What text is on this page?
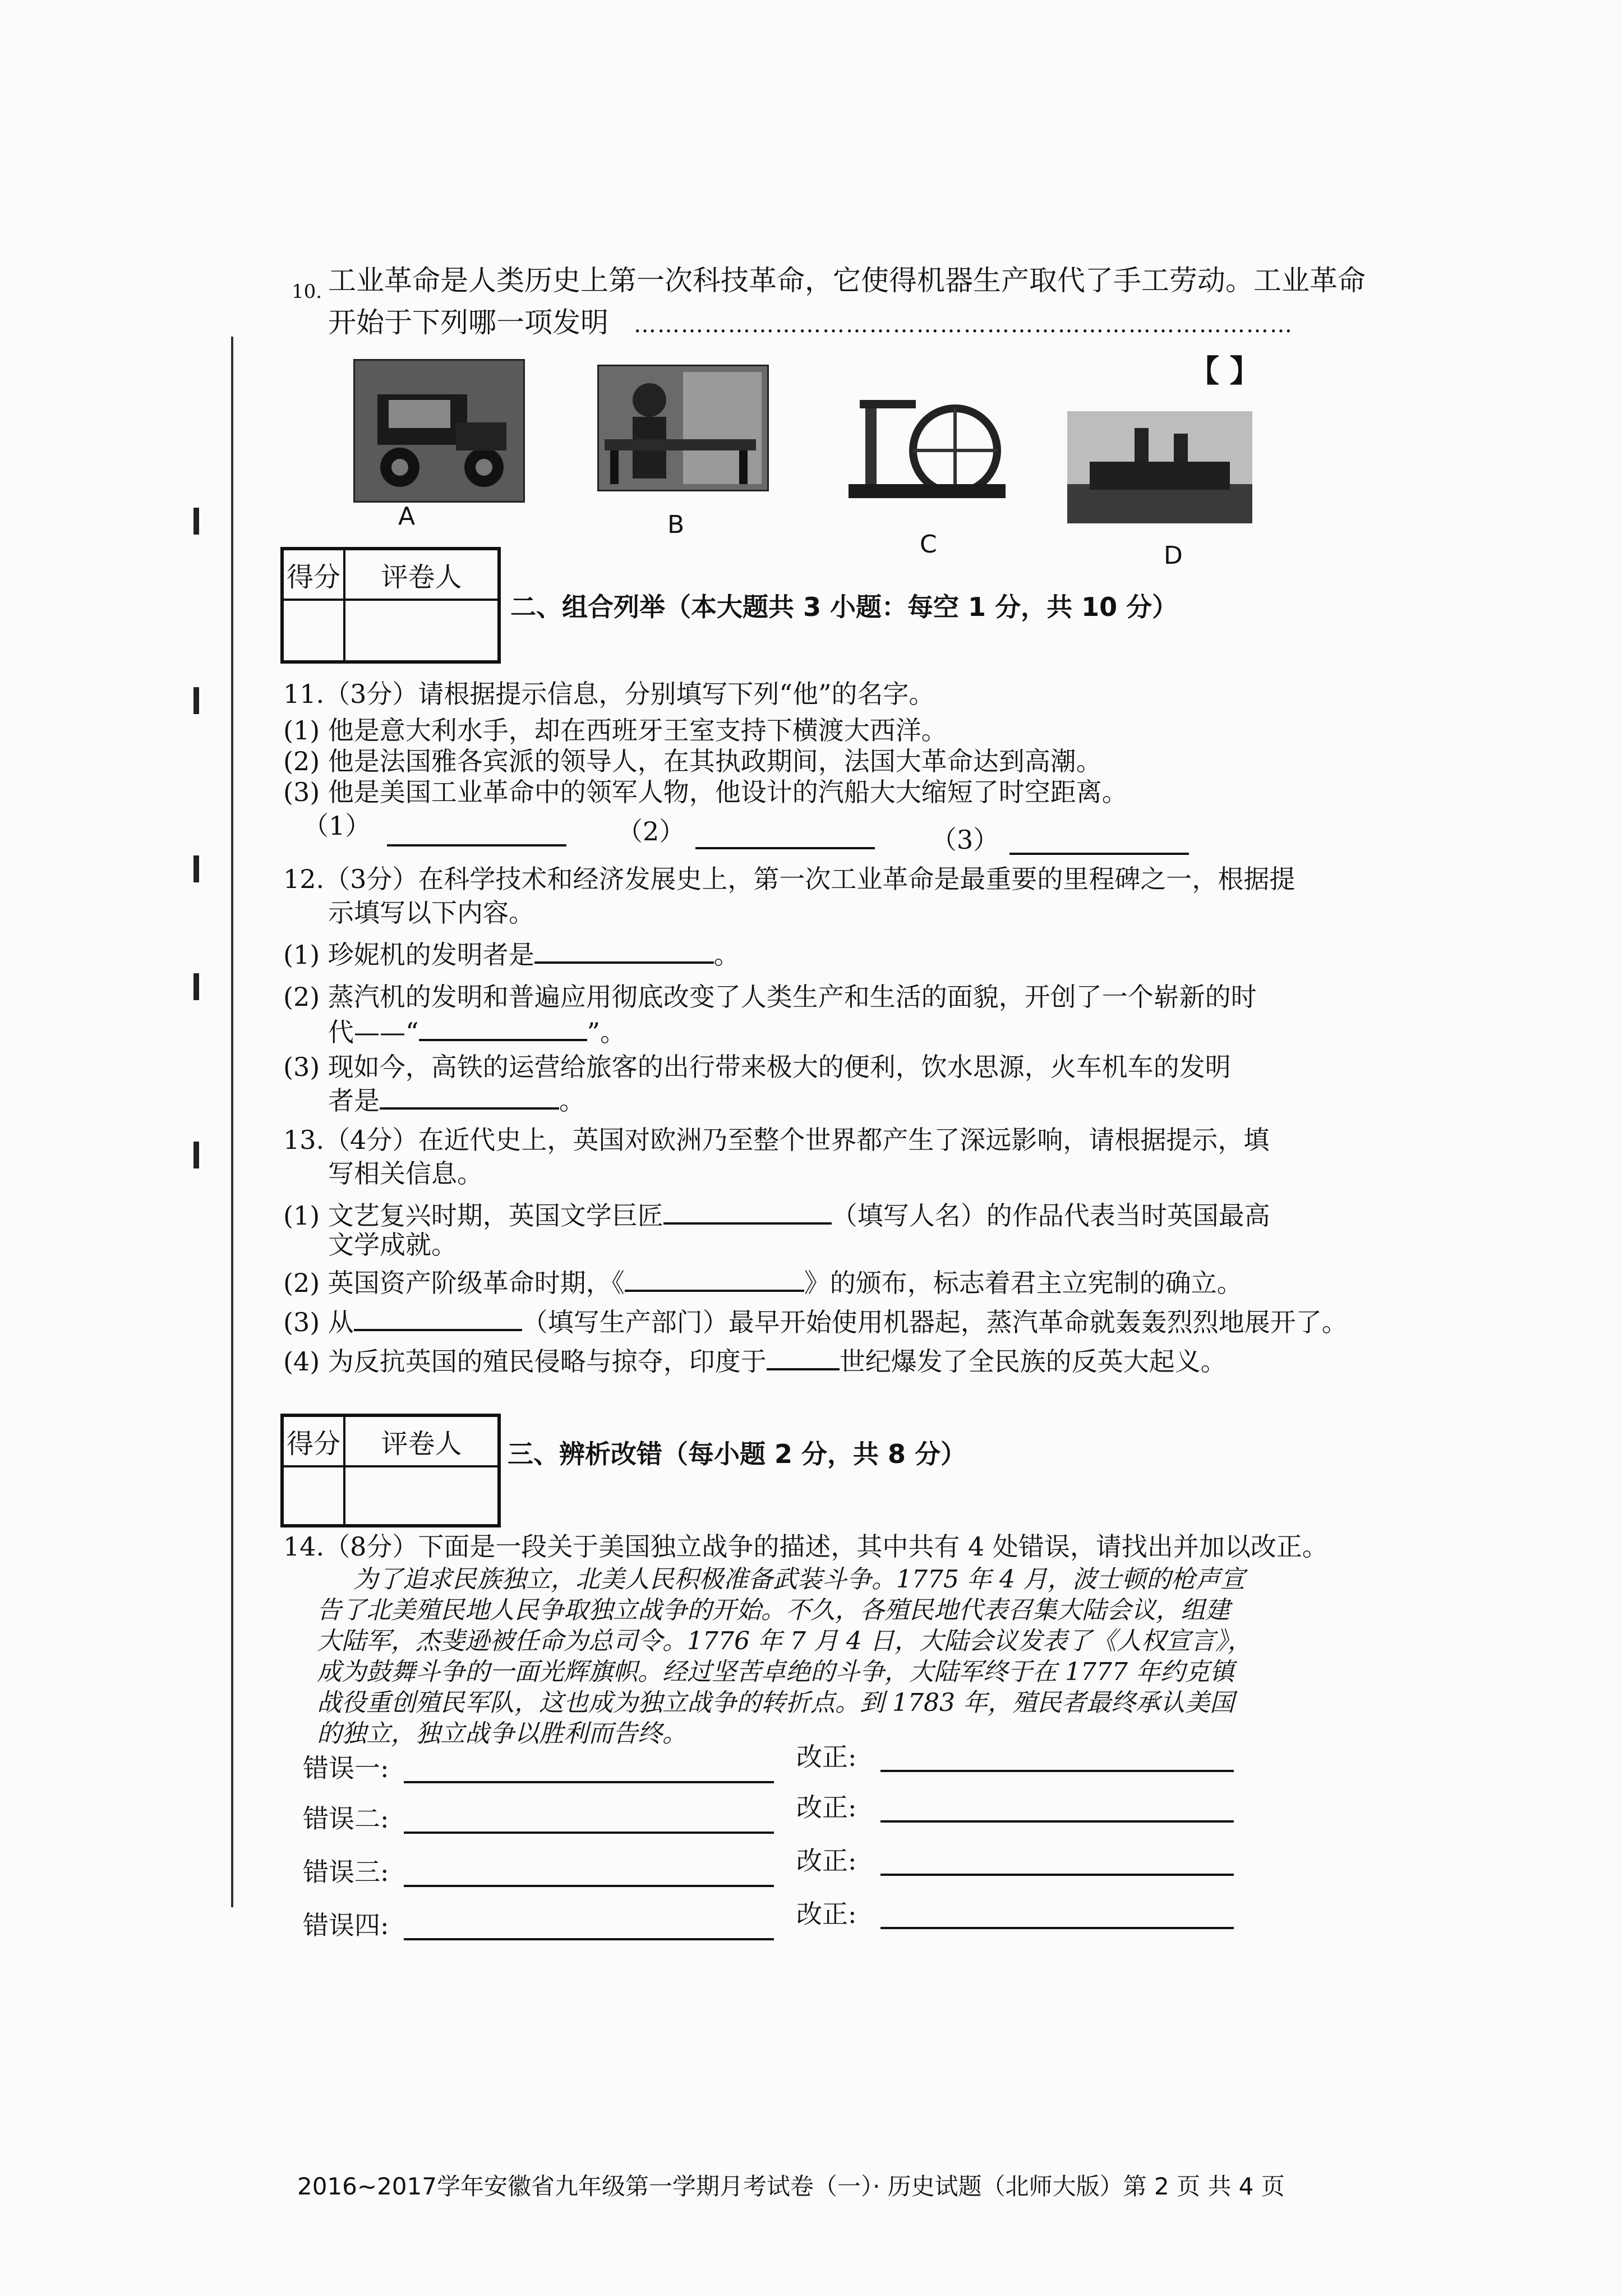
10. 工业革命是人类历史上第一次科技革命，它使得机器生产取代了手工劳动。工业革命
开始于下列哪一项发明 …………………………………………………………………………
【 】
A	B
C	D
得分	评卷人
二、组合列举（本大题共 3 小题：每空 1 分，共 10 分）
11.（3分）请根据提示信息，分别填写下列“他”的名字。
(1) 他是意大利水手，却在西班牙王室支持下横渡大西洋。
(2) 他是法国雅各宾派的领导人，在其执政期间，法国大革命达到高潮。
(3) 他是美国工业革命中的领军人物，他设计的汽船大大缩短了时空距离。
（1）	（2）	（3）
12.（3分）在科学技术和经济发展史上，第一次工业革命是最重要的里程碑之一，根据提
示填写以下内容。
(1) 珍妮机的发明者是	。
(2) 蒸汽机的发明和普遍应用彻底改变了人类生产和生活的面貌，开创了一个崭新的时
代——“	”。
(3) 现如今，高铁的运营给旅客的出行带来极大的便利，饮水思源，火车机车的发明
者是	。
13.（4分）在近代史上，英国对欧洲乃至整个世界都产生了深远影响，请根据提示，填
写相关信息。
(1) 文艺复兴时期，英国文学巨匠	（填写人名）的作品代表当时英国最高
文学成就。
(2) 英国资产阶级革命时期，《	》的颁布，标志着君主立宪制的确立。
(3) 从	（填写生产部门）最早开始使用机器起，蒸汽革命就轰轰烈烈地展开了。
(4) 为反抗英国的殖民侵略与掠夺，印度于	世纪爆发了全民族的反英大起义。
得分	评卷人	三、辨析改错（每小题 2 分，共 8 分）
14.（8分）下面是一段关于美国独立战争的描述，其中共有 4 处错误，请找出并加以改正。
为了追求民族独立，北美人民积极准备武装斗争。1775 年 4 月，波士顿的枪声宣
告了北美殖民地人民争取独立战争的开始。不久，各殖民地代表召集大陆会议，组建
大陆军，杰斐逊被任命为总司令。1776 年 7 月 4 日，大陆会议发表了《人权宣言》，
成为鼓舞斗争的一面光辉旗帜。经过坚苦卓绝的斗争，大陆军终于在 1777 年约克镇
战役重创殖民军队，这也成为独立战争的转折点。到 1783 年，殖民者最终承认美国
的独立，独立战争以胜利而告终。
错误一:	改正:
错误二:	改正:
错误三:	改正:
错误四:	改正:
2016~2017学年安徽省九年级第一学期月考试卷（一）· 历史试题（北师大版）第 2 页 共 4 页
